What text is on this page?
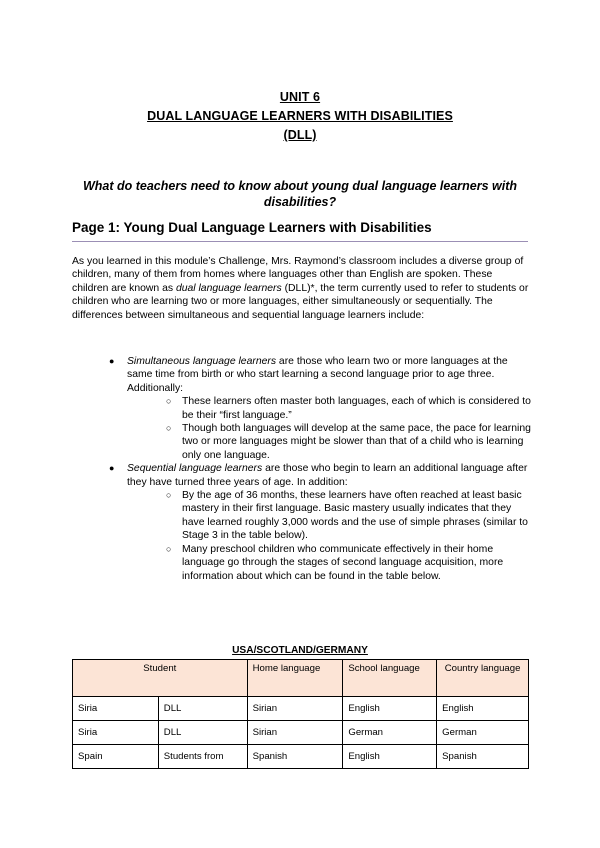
UNIT 6
DUAL LANGUAGE LEARNERS WITH DISABILITIES
(DLL)
What do teachers need to know about young dual language learners with disabilities?
Page 1: Young Dual Language Learners with Disabilities
As you learned in this module’s Challenge, Mrs. Raymond’s classroom includes a diverse group of children, many of them from homes where languages other than English are spoken. These children are known as dual language learners (DLL)*, the term currently used to refer to students or children who are learning two or more languages, either simultaneously or sequentially. The differences between simultaneous and sequential language learners include:
● Simultaneous language learners are those who learn two or more languages at the same time from birth or who start learning a second language prior to age three. Additionally:
○ These learners often master both languages, each of which is considered to be their “first language.”
○ Though both languages will develop at the same pace, the pace for learning two or more languages might be slower than that of a child who is learning only one language.
● Sequential language learners are those who begin to learn an additional language after they have turned three years of age. In addition:
○ By the age of 36 months, these learners have often reached at least basic mastery in their first language. Basic mastery usually indicates that they have learned roughly 3,000 words and the use of simple phrases (similar to Stage 3 in the table below).
○ Many preschool children who communicate effectively in their home language go through the stages of second language acquisition, more information about which can be found in the table below.
USA/SCOTLAND/GERMANY
Student		Home language	School language	Country language
Siria	DLL	Sirian	English	English
Siria	DLL	Sirian	German	German
Spain	Students from	Spanish	English	Spanish
